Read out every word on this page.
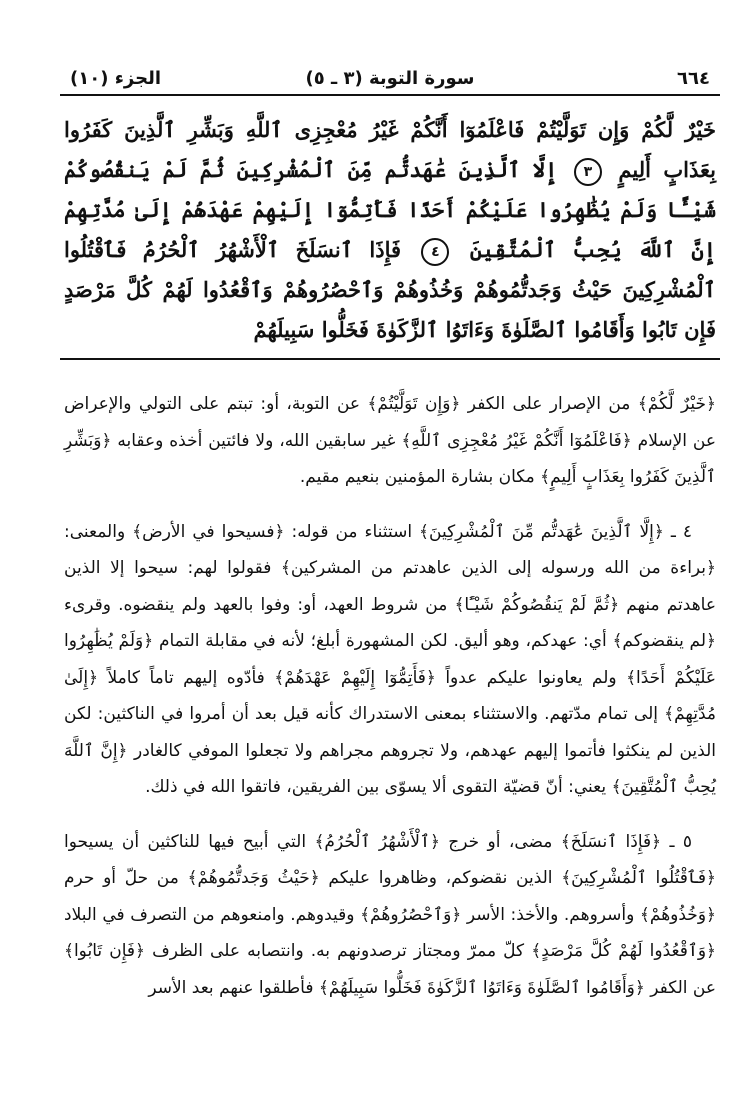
٦٦٤
سورة التوبة (٣ ـ ٥)
الجزء (١٠)
خَيْرٌ لَّكُمْ وَإِن تَوَلَّيْتُمْ فَاعْلَمُوٓا أَنَّكُمْ غَيْرُ مُعْجِزِى ٱللَّهِ وَبَشِّرِ ٱلَّذِينَ كَفَرُوا بِعَذَابٍ أَلِيمٍ ٣ إِلَّا ٱلَّذِينَ عَٰهَدتُّم مِّنَ ٱلْمُشْرِكِينَ ثُمَّ لَمْ يَنقُصُوكُمْ شَيْـًٔا وَلَمْ يُظَٰهِرُوا عَلَيْكُمْ أَحَدًا فَأَتِمُّوٓا إِلَيْهِمْ عَهْدَهُمْ إِلَىٰ مُدَّتِهِمْ إِنَّ ٱللَّهَ يُحِبُّ ٱلْمُتَّقِينَ ٤ فَإِذَا ٱنسَلَخَ ٱلْأَشْهُرُ ٱلْحُرُمُ فَٱقْتُلُوا ٱلْمُشْرِكِينَ حَيْثُ وَجَدتُّمُوهُمْ وَخُذُوهُمْ وَٱحْصُرُوهُمْ وَٱقْعُدُوا لَهُمْ كُلَّ مَرْصَدٍ فَإِن تَابُوا وَأَقَامُوا ٱلصَّلَوٰةَ وَءَاتَوُا ٱلزَّكَوٰةَ فَخَلُّوا سَبِيلَهُمْ

﴿خَيْرٌ لَّكُمْ﴾ من الإصرار على الكفر ﴿وَإِن تَوَلَّيْتُمْ﴾ عن التوبة، أو: تبتم على التولي والإعراض عن الإسلام ﴿فَاعْلَمُوٓا أَنَّكُمْ غَيْرُ مُعْجِزِى ٱللَّهِ﴾ غير سابقين الله، ولا فائتين أخذه وعقابه ﴿وَبَشِّرِ ٱلَّذِينَ كَفَرُوا بِعَذَابٍ أَلِيمٍ﴾ مكان بشارة المؤمنين بنعيم مقيم.

٤ ـ ﴿إِلَّا ٱلَّذِينَ عَٰهَدتُّم مِّنَ ٱلْمُشْرِكِينَ﴾ استثناء من قوله: ﴿فسيحوا في الأرض﴾ والمعنى: ﴿براءة من الله ورسوله إلى الذين عاهدتم من المشركين﴾ فقولوا لهم: سيحوا إلا الذين عاهدتم منهم ﴿ثُمَّ لَمْ يَنقُصُوكُمْ شَيْـًٔا﴾ من شروط العهد، أو: وفوا بالعهد ولم ينقضوه. وقرىء ﴿لم ينقضوكم﴾ أي: عهدكم، وهو أليق. لكن المشهورة أبلغ؛ لأنه في مقابلة التمام ﴿وَلَمْ يُظَٰهِرُوا عَلَيْكُمْ أَحَدًا﴾ ولم يعاونوا عليكم عدواً ﴿فَأَتِمُّوٓا إِلَيْهِمْ عَهْدَهُمْ﴾ فأدّوه إليهم تاماً كاملاً ﴿إِلَىٰ مُدَّتِهِمْ﴾ إلى تمام مدّتهم. والاستثناء بمعنى الاستدراك كأنه قيل بعد أن أمروا في الناكثين: لكن الذين لم ينكثوا فأتموا إليهم عهدهم، ولا تجروهم مجراهم ولا تجعلوا الموفي كالغادر ﴿إِنَّ ٱللَّهَ يُحِبُّ ٱلْمُتَّقِينَ﴾ يعني: أنّ قضيّة التقوى ألا يسوّى بين الفريقين، فاتقوا الله في ذلك.

٥ ـ ﴿فَإِذَا ٱنسَلَخَ﴾ مضى، أو خرج ﴿ٱلْأَشْهُرُ ٱلْحُرُمُ﴾ التي أبيح فيها للناكثين أن يسيحوا ﴿فَٱقْتُلُوا ٱلْمُشْرِكِينَ﴾ الذين نقضوكم، وظاهروا عليكم ﴿حَيْثُ وَجَدتُّمُوهُمْ﴾ من حلّ أو حرم ﴿وَخُذُوهُمْ﴾ وأسروهم. والأخذ: الأسر ﴿وَٱحْصُرُوهُمْ﴾ وقيدوهم. وامنعوهم من التصرف في البلاد ﴿وَٱقْعُدُوا لَهُمْ كُلَّ مَرْصَدٍ﴾ كلّ ممرّ ومجتاز ترصدونهم به. وانتصابه على الظرف ﴿فَإِن تَابُوا﴾ عن الكفر ﴿وَأَقَامُوا ٱلصَّلَوٰةَ وَءَاتَوُا ٱلزَّكَوٰةَ فَخَلُّوا سَبِيلَهُمْ﴾ فأطلقوا عنهم بعد الأسر
